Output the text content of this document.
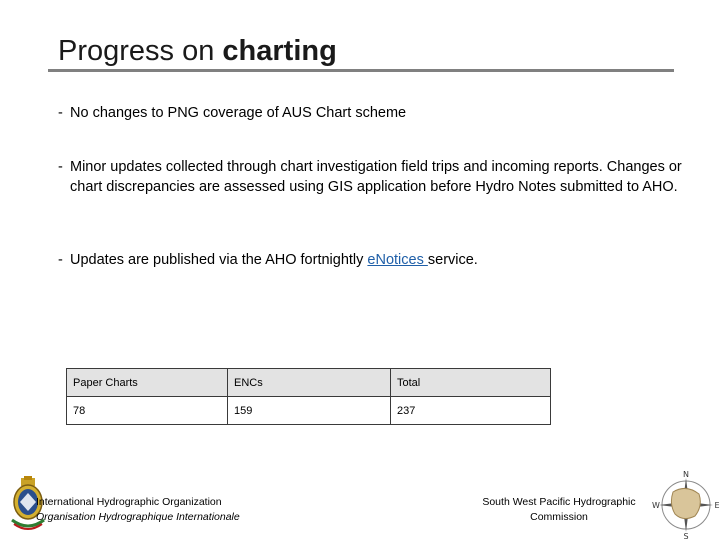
Progress on charting
- No changes to PNG coverage of AUS Chart scheme
- Minor updates collected through chart investigation field trips and incoming reports. Changes or chart discrepancies are assessed using GIS application before Hydro Notes submitted to AHO.
- Updates are published via the AHO fortnightly eNotices service.
Paper Charts	ENCs	Total
78	159	237
International Hydrographic Organization
Organisation Hydrographique Internationale
South West Pacific Hydrographic
Commission
N
E
S
W
